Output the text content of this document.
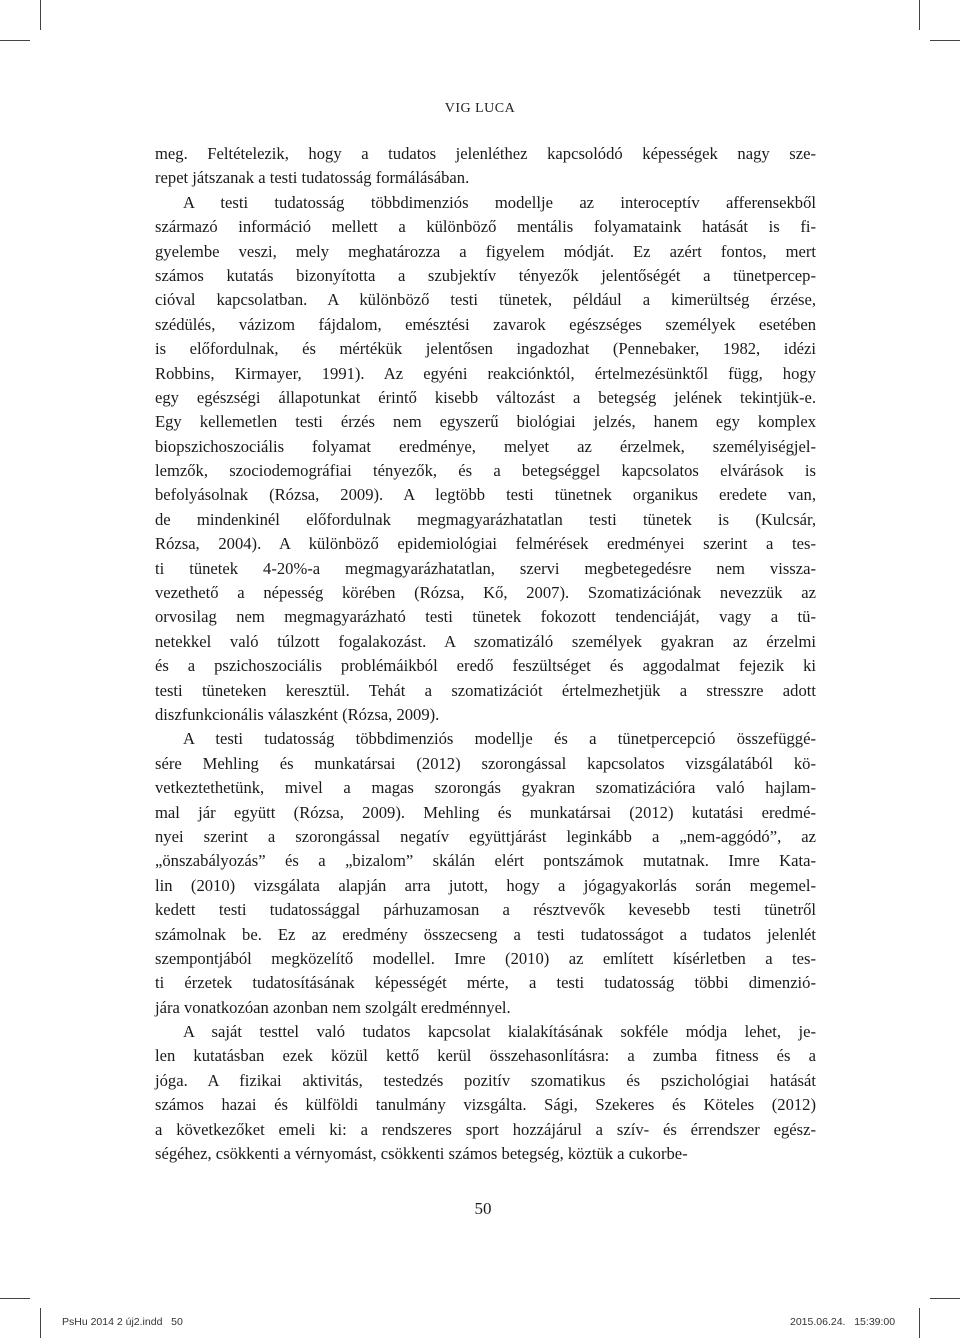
VIG LUCA
meg. Feltételezik, hogy a tudatos jelenléthez kapcsolódó képességek nagy sze-
repet játszanak a testi tudatosság formálásában.
A testi tudatosság többdimenziós modellje az interoceptív afferensekből
származó információ mellett a különböző mentális folyamataink hatását is fi-
gyelembe veszi, mely meghatározza a figyelem módját. Ez azért fontos, mert
számos kutatás bizonyította a szubjektív tényezők jelentőségét a tünetpercep-
cióval kapcsolatban. A különböző testi tünetek, például a kimerültség érzése,
szédülés, vázizom fájdalom, emésztési zavarok egészséges személyek esetében
is előfordulnak, és mértékük jelentősen ingadozhat (Pennebaker, 1982, idézi
Robbins, Kirmayer, 1991). Az egyéni reakciónktól, értelmezésünktől függ, hogy
egy egészségi állapotunkat érintő kisebb változást a betegség jelének tekintjük-e.
Egy kellemetlen testi érzés nem egyszerű biológiai jelzés, hanem egy komplex
biopszichoszociális folyamat eredménye, melyet az érzelmek, személyiségjel-
lemzők, szociodemográfiai tényezők, és a betegséggel kapcsolatos elvárások is
befolyásolnak (Rózsa, 2009). A legtöbb testi tünetnek organikus eredete van,
de mindenkinél előfordulnak megmagyarázhatatlan testi tünetek is (Kulcsár,
Rózsa, 2004). A különböző epidemiológiai felmérések eredményei szerint a tes-
ti tünetek 4-20%-a megmagyarázhatatlan, szervi megbetegedésre nem vissza-
vezethető a népesség körében (Rózsa, Kő, 2007). Szomatizációnak nevezzük az
orvosilag nem megmagyarázható testi tünetek fokozott tendenciáját, vagy a tü-
netekkel való túlzott fogalakozást. A szomatizáló személyek gyakran az érzelmi
és a pszichoszociális problémáikból eredő feszültséget és aggodalmat fejezik ki
testi tüneteken keresztül. Tehát a szomatizációt értelmezhetjük a stresszre adott
diszfunkcionális válaszként (Rózsa, 2009).
A testi tudatosság többdimenziós modellje és a tünetpercepció összefüggé-
sére Mehling és munkatársai (2012) szorongással kapcsolatos vizsgálatából kö-
vetkeztethetünk, mivel a magas szorongás gyakran szomatizációra való hajlam-
mal jár együtt (Rózsa, 2009). Mehling és munkatársai (2012) kutatási eredmé-
nyei szerint a szorongással negatív együttjárást leginkább a „nem-aggódó”, az
„önszabályozás” és a „bizalom” skálán elért pontszámok mutatnak. Imre Kata-
lin (2010) vizsgálata alapján arra jutott, hogy a jógagyakorlás során megemel-
kedett testi tudatossággal párhuzamosan a résztvevők kevesebb testi tünetről
számolnak be. Ez az eredmény összecseng a testi tudatosságot a tudatos jelenlét
szempontjából megközelítő modellel. Imre (2010) az említett kísérletben a tes-
ti érzetek tudatosításának képességét mérte, a testi tudatosság többi dimenzió-
jára vonatkozóan azonban nem szolgált eredménnyel.
A saját testtel való tudatos kapcsolat kialakításának sokféle módja lehet, je-
len kutatásban ezek közül kettő kerül összehasonlításra: a zumba fitness és a
jóga. A fizikai aktivitás, testedzés pozitív szomatikus és pszichológiai hatását
számos hazai és külföldi tanulmány vizsgálta. Sági, Szekeres és Köteles (2012)
a következőket emeli ki: a rendszeres sport hozzájárul a szív- és érrendszer egész-
ségéhez, csökkenti a vérnyomást, csökkenti számos betegség, köztük a cukorbe-
50
PsHu 2014 2 új2.indd   50	2015.06.24.   15:39:00
